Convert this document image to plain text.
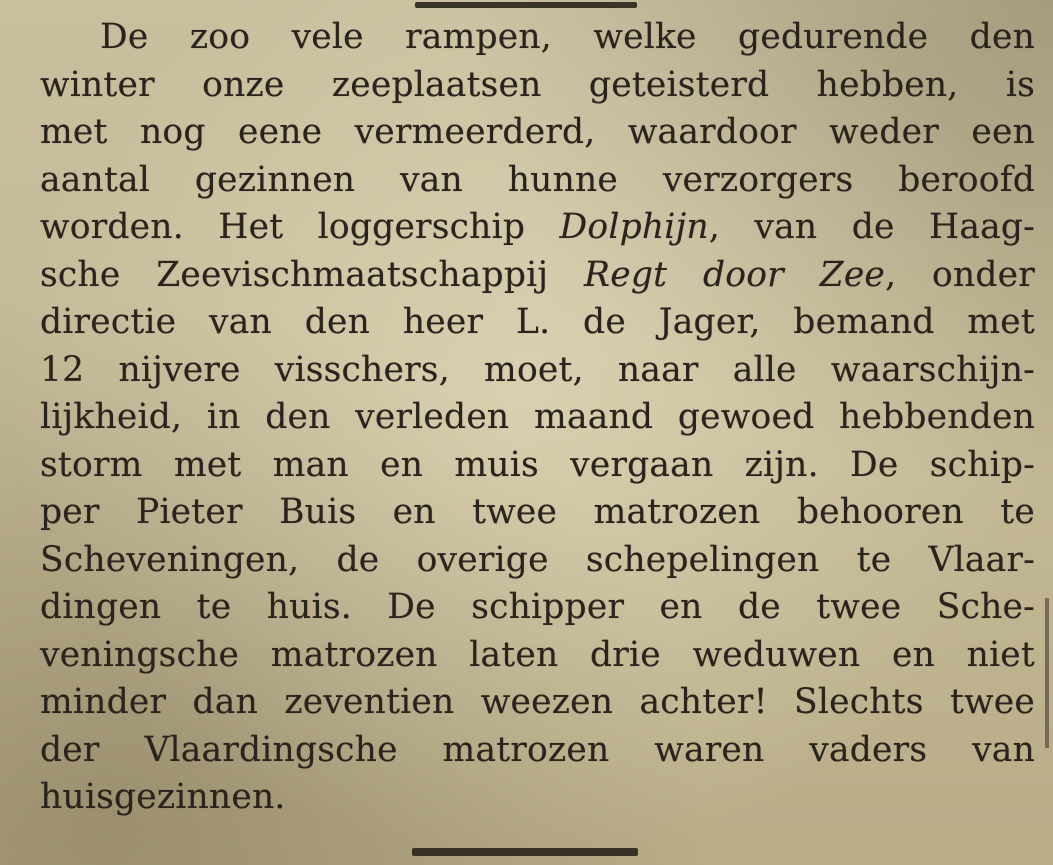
De zoo vele rampen, welke gedurende den
winter onze zeeplaatsen geteisterd hebben, is
met nog eene vermeerderd, waardoor weder een
aantal gezinnen van hunne verzorgers beroofd
worden. Het loggerschip Dolphijn, van de Haag-
sche Zeevischmaatschappij Regt door Zee, onder
directie van den heer L. de Jager, bemand met
12 nijvere visschers, moet, naar alle waarschijn-
lijkheid, in den verleden maand gewoed hebbenden
storm met man en muis vergaan zijn. De schip-
per Pieter Buis en twee matrozen behooren te
Scheveningen, de overige schepelingen te Vlaar-
dingen te huis. De schipper en de twee Sche-
veningsche matrozen laten drie weduwen en niet
minder dan zeventien weezen achter! Slechts twee
der Vlaardingsche matrozen waren vaders van
huisgezinnen.
